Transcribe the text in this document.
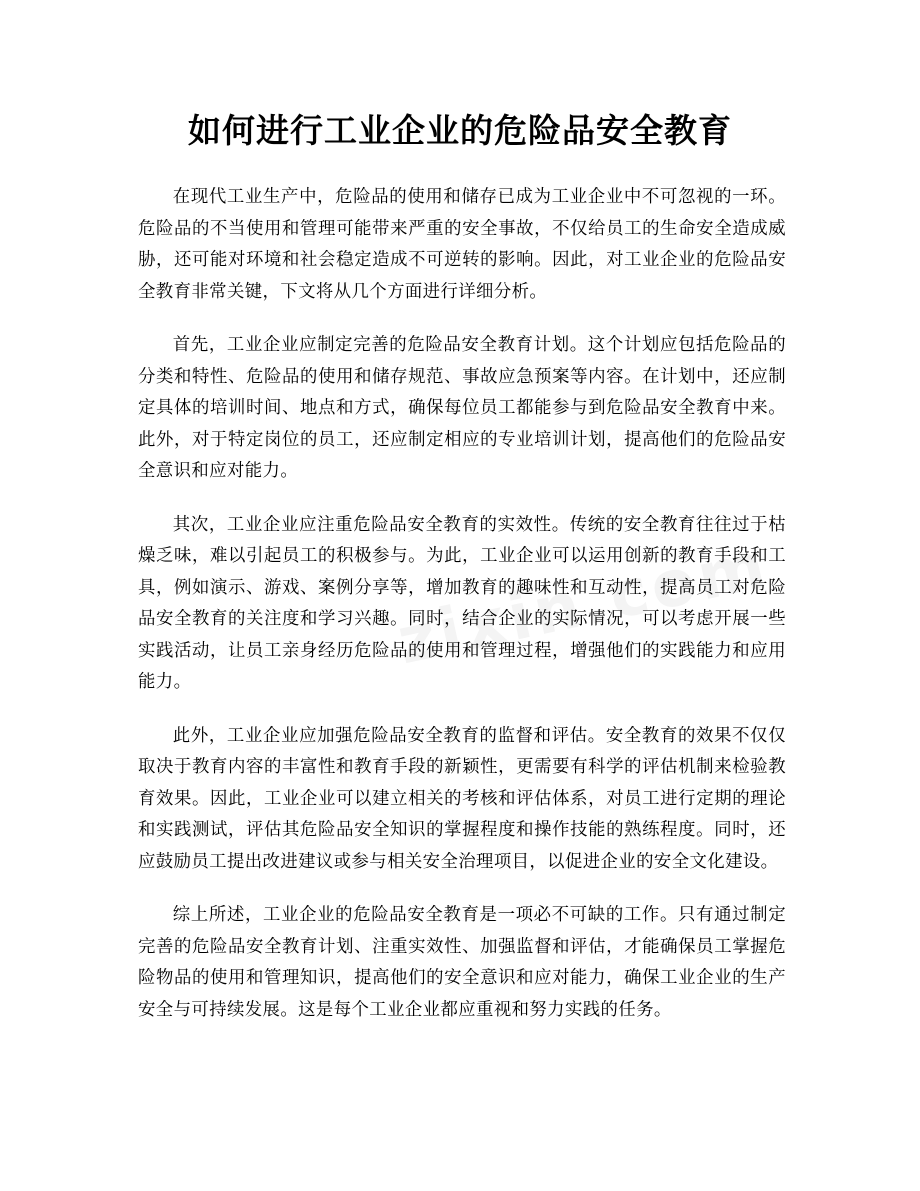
如何进行工业企业的危险品安全教育

在现代工业生产中，危险品的使用和储存已成为工业企业中不可忽视的一环。危险品的不当使用和管理可能带来严重的安全事故，不仅给员工的生命安全造成威胁，还可能对环境和社会稳定造成不可逆转的影响。因此，对工业企业的危险品安全教育非常关键，下文将从几个方面进行详细分析。

首先，工业企业应制定完善的危险品安全教育计划。这个计划应包括危险品的分类和特性、危险品的使用和储存规范、事故应急预案等内容。在计划中，还应制定具体的培训时间、地点和方式，确保每位员工都能参与到危险品安全教育中来。此外，对于特定岗位的员工，还应制定相应的专业培训计划，提高他们的危险品安全意识和应对能力。

其次，工业企业应注重危险品安全教育的实效性。传统的安全教育往往过于枯燥乏味，难以引起员工的积极参与。为此，工业企业可以运用创新的教育手段和工具，例如演示、游戏、案例分享等，增加教育的趣味性和互动性，提高员工对危险品安全教育的关注度和学习兴趣。同时，结合企业的实际情况，可以考虑开展一些实践活动，让员工亲身经历危险品的使用和管理过程，增强他们的实践能力和应用能力。

此外，工业企业应加强危险品安全教育的监督和评估。安全教育的效果不仅仅取决于教育内容的丰富性和教育手段的新颖性，更需要有科学的评估机制来检验教育效果。因此，工业企业可以建立相关的考核和评估体系，对员工进行定期的理论和实践测试，评估其危险品安全知识的掌握程度和操作技能的熟练程度。同时，还应鼓励员工提出改进建议或参与相关安全治理项目，以促进企业的安全文化建设。

综上所述，工业企业的危险品安全教育是一项必不可缺的工作。只有通过制定完善的危险品安全教育计划、注重实效性、加强监督和评估，才能确保员工掌握危险物品的使用和管理知识，提高他们的安全意识和应对能力，确保工业企业的生产安全与可持续发展。这是每个工业企业都应重视和努力实践的任务。
